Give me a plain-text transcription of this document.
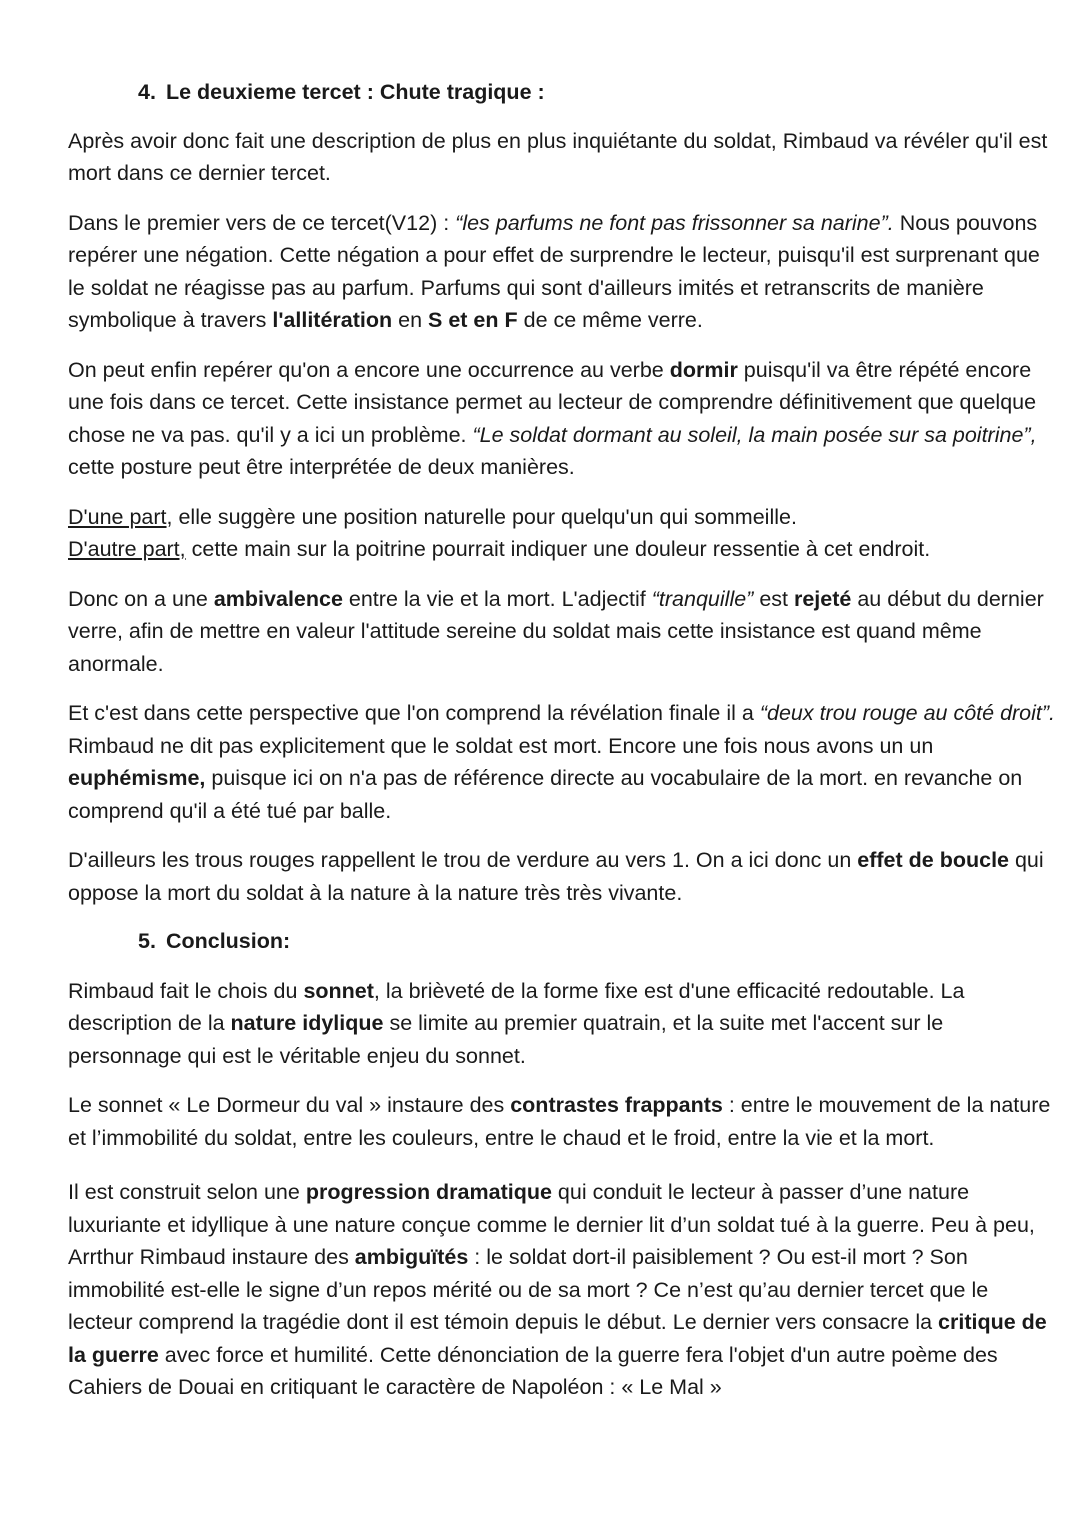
4. Le deuxieme tercet : Chute tragique :

Après avoir donc fait une description de plus en plus inquiétante du soldat, Rimbaud va révéler qu'il est mort dans ce dernier tercet.

Dans le premier vers de ce tercet(V12) : “les parfums ne font pas frissonner sa narine”. Nous pouvons repérer une négation. Cette négation a pour effet de surprendre le lecteur, puisqu'il est surprenant que le soldat ne réagisse pas au parfum. Parfums qui sont d'ailleurs imités et retranscrits de manière symbolique à travers l'allitération en S et en F de ce même verre.

On peut enfin repérer qu'on a encore une occurrence au verbe dormir puisqu'il va être répété encore une fois dans ce tercet. Cette insistance permet au lecteur de comprendre définitivement que quelque chose ne va pas. qu'il y a ici un problème. “Le soldat dormant au soleil, la main posée sur sa poitrine”, cette posture peut être interprétée de deux manières.

D'une part, elle suggère une position naturelle pour quelqu'un qui sommeille.
D'autre part, cette main sur la poitrine pourrait indiquer une douleur ressentie à cet endroit.

Donc on a une ambivalence entre la vie et la mort. L'adjectif “tranquille” est rejeté au début du dernier verre, afin de mettre en valeur l'attitude sereine du soldat mais cette insistance est quand même anormale.

Et c'est dans cette perspective que l'on comprend la révélation finale il a “deux trou rouge au côté droit”. Rimbaud ne dit pas explicitement que le soldat est mort. Encore une fois nous avons un un euphémisme, puisque ici on n'a pas de référence directe au vocabulaire de la mort. en revanche on comprend qu'il a été tué par balle.

D'ailleurs les trous rouges rappellent le trou de verdure au vers 1. On a ici donc un effet de boucle qui oppose la mort du soldat à la nature à la nature très très vivante.

5. Conclusion:

Rimbaud fait le chois du sonnet, la brièveté de la forme fixe est d'une efficacité redoutable. La description de la nature idylique se limite au premier quatrain, et la suite met l'accent sur le personnage qui est le véritable enjeu du sonnet.

Le sonnet « Le Dormeur du val » instaure des contrastes frappants : entre le mouvement de la nature et l’immobilité du soldat, entre les couleurs, entre le chaud et le froid, entre la vie et la mort.

Il est construit selon une progression dramatique qui conduit le lecteur à passer d’une nature luxuriante et idyllique à une nature conçue comme le dernier lit d’un soldat tué à la guerre. Peu à peu, Arrthur Rimbaud instaure des ambiguïtés : le soldat dort-il paisiblement ? Ou est-il mort ? Son immobilité est-elle le signe d’un repos mérité ou de sa mort ? Ce n’est qu’au dernier tercet que le lecteur comprend la tragédie dont il est témoin depuis le début. Le dernier vers consacre la critique de la guerre avec force et humilité. Cette dénonciation de la guerre fera l'objet d'un autre poème des Cahiers de Douai en critiquant le caractère de Napoléon : « Le Mal »
